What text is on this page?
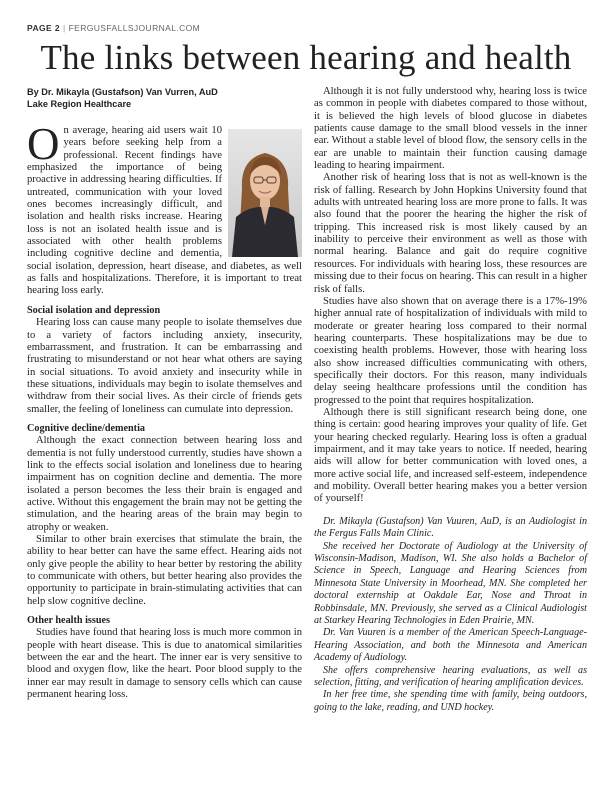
PAGE 2 | FERGUSFALLSJOURNAL.COM
The links between hearing and health
By Dr. Mikayla (Gustafson) Van Vurren, AuD
Lake Region Healthcare

O n average, hearing aid users wait 10 years before seeking help from a professional. Recent findings have emphasized the importance of being proactive in addressing hearing difficulties. If untreated, communication with your loved ones becomes increasingly difficult, and isolation and health risks increase. Hearing loss is not an isolated health issue and is associated with other health problems including cognitive decline and dementia, social isolation, depression, heart disease, and diabetes, as well as falls and hospitalizations. Therefore, it is important to treat hearing loss early.

Social isolation and depression

Hearing loss can cause many people to isolate themselves due to a variety of factors including anxiety, insecurity, embarrassment, and frustration. It can be embarrassing and frustrating to misunderstand or not hear what others are saying in social situations. To avoid anxiety and insecurity while in these situations, individuals may begin to isolate themselves and withdraw from their social lives. As their circle of friends gets smaller, the feeling of loneliness can cumulate into depression.

Cognitive decline/dementia

Although the exact connection between hearing loss and dementia is not fully understood currently, studies have shown a link to the effects social isolation and loneliness due to hearing impairment has on cognition decline and dementia. The more isolated a person becomes the less their brain is engaged and active. Without this engagement the brain may not be getting the stimulation, and the hearing areas of the brain may begin to atrophy or weaken.

Similar to other brain exercises that stimulate the brain, the ability to hear better can have the same effect. Hearing aids not only give people the ability to hear better by restoring the ability to communicate with others, but better hearing also provides the opportunity to participate in brain-stimulating activities that can help slow cognitive decline.

Other health issues

Studies have found that hearing loss is much more common in people with heart disease. This is due to anatomical similarities between the ear and the heart. The inner ear is very sensitive to blood and oxygen flow, like the heart. Poor blood supply to the inner ear may result in damage to sensory cells which can cause permanent hearing loss.

Although it is not fully understood why, hearing loss is twice as common in people with diabetes compared to those without, it is believed the high levels of blood glucose in diabetes patients cause damage to the small blood vessels in the inner ear. Without a stable level of blood flow, the sensory cells in the ear are unable to maintain their function causing damage leading to hearing impairment.

Another risk of hearing loss that is not as well-known is the risk of falling. Research by John Hopkins University found that adults with untreated hearing loss are more prone to falls. It was also found that the poorer the hearing the higher the risk of tripping. This increased risk is most likely caused by an inability to perceive their environment as well as those with normal hearing. Balance and gait do require cognitive resources. For individuals with hearing loss, these resources are missing due to their focus on hearing. This can result in a higher risk of falls.

Studies have also shown that on average there is a 17%-19% higher annual rate of hospitalization of individuals with mild to moderate or greater hearing loss compared to their normal hearing counterparts. These hospitalizations may be due to coexisting health problems. However, those with hearing loss also show increased difficulties communicating with others, specifically their doctors. For this reason, many individuals delay seeing healthcare professions until the condition has progressed to the point that requires hospitalization.

Although there is still significant research being done, one thing is certain: good hearing improves your quality of life. Get your hearing checked regularly. Hearing loss is often a gradual impairment, and it may take years to notice. If needed, hearing aids will allow for better communication with loved ones, a more active social life, and increased self-esteem, independence and mobility. Overall better hearing makes you a better version of yourself!

Dr. Mikayla (Gustafson) Van Vuuren, AuD, is an Audiologist in the Fergus Falls Main Clinic.

She received her Doctorate of Audiology at the University of Wisconsin-Madison, Madison, WI. She also holds a Bachelor of Science in Speech, Language and Hearing Sciences from Minnesota State University in Moorhead, MN. She completed her doctoral externship at Oakdale Ear, Nose and Throat in Robbinsdale, MN. Previously, she served as a Clinical Audiologist at Starkey Hearing Technologies in Eden Prairie, MN.

Dr. Van Vuuren is a member of the American Speech-Language-Hearing Association, and both the Minnesota and American Academy of Audiology.

She offers comprehensive hearing evaluations, as well as selection, fitting, and verification of hearing amplification devices.

In her free time, she spending time with family, being outdoors, going to the lake, reading, and UND hockey.
